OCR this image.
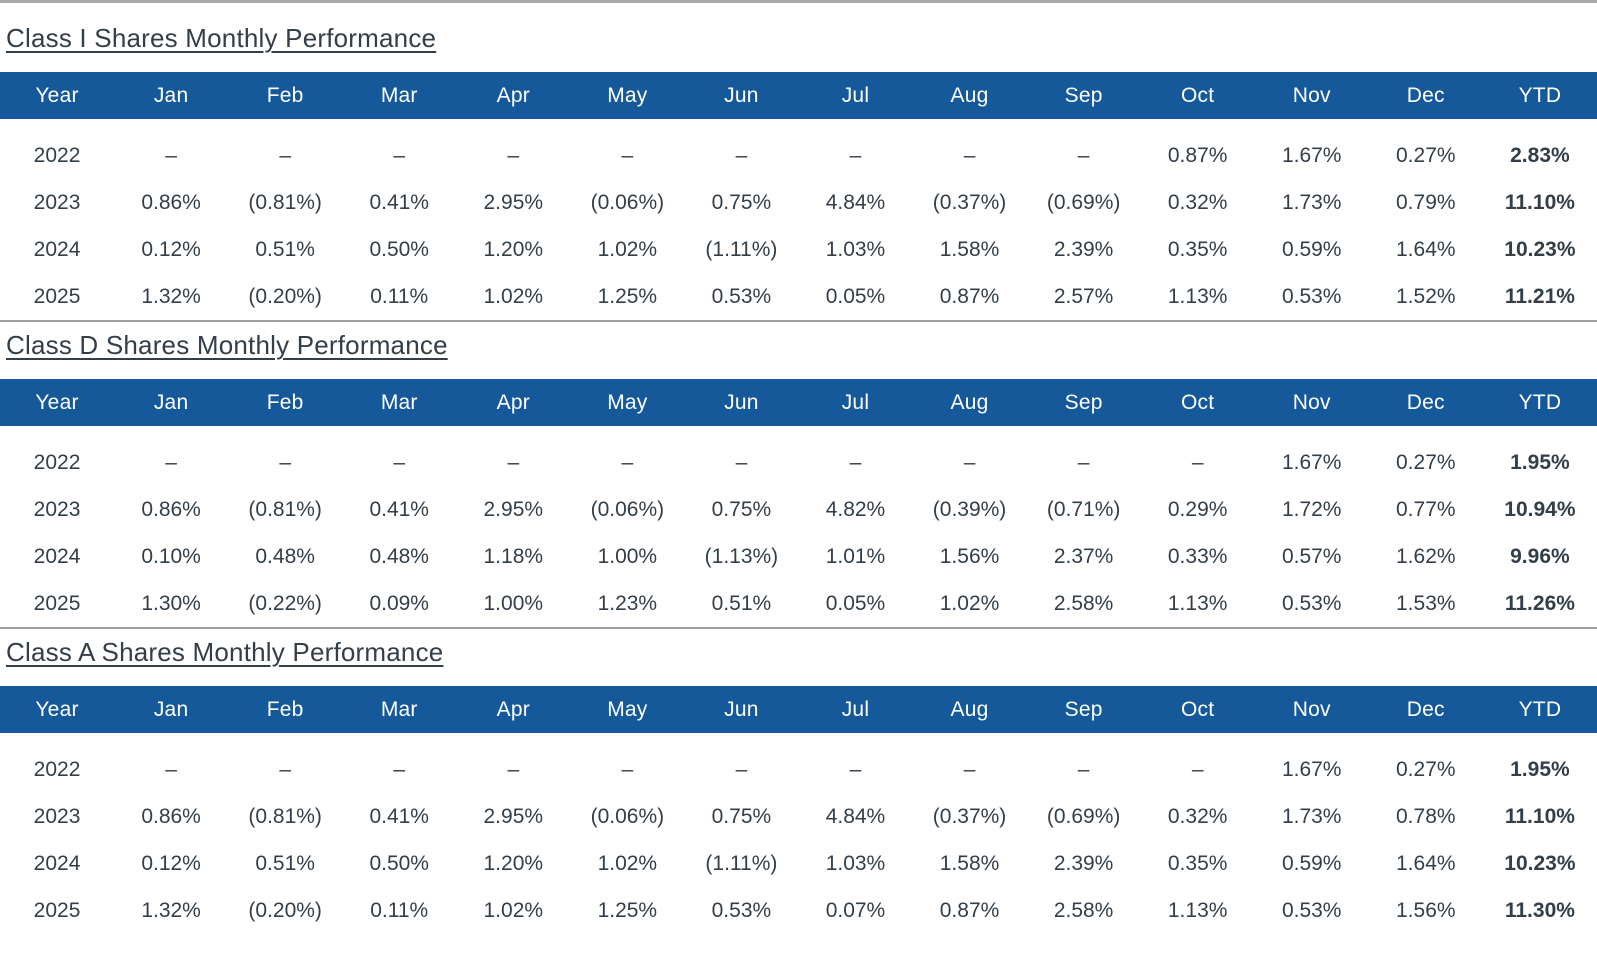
Class I Shares Monthly Performance
Year	Jan	Feb	Mar	Apr	May	Jun	Jul	Aug	Sep	Oct	Nov	Dec	YTD
2022	–	–	–	–	–	–	–	–	–	0.87%	1.67%	0.27%	2.83%
2023	0.86%	(0.81%)	0.41%	2.95%	(0.06%)	0.75%	4.84%	(0.37%)	(0.69%)	0.32%	1.73%	0.79%	11.10%
2024	0.12%	0.51%	0.50%	1.20%	1.02%	(1.11%)	1.03%	1.58%	2.39%	0.35%	0.59%	1.64%	10.23%
2025	1.32%	(0.20%)	0.11%	1.02%	1.25%	0.53%	0.05%	0.87%	2.57%	1.13%	0.53%	1.52%	11.21%
Class D Shares Monthly Performance
Year	Jan	Feb	Mar	Apr	May	Jun	Jul	Aug	Sep	Oct	Nov	Dec	YTD
2022	–	–	–	–	–	–	–	–	–	–	1.67%	0.27%	1.95%
2023	0.86%	(0.81%)	0.41%	2.95%	(0.06%)	0.75%	4.82%	(0.39%)	(0.71%)	0.29%	1.72%	0.77%	10.94%
2024	0.10%	0.48%	0.48%	1.18%	1.00%	(1.13%)	1.01%	1.56%	2.37%	0.33%	0.57%	1.62%	9.96%
2025	1.30%	(0.22%)	0.09%	1.00%	1.23%	0.51%	0.05%	1.02%	2.58%	1.13%	0.53%	1.53%	11.26%
Class A Shares Monthly Performance
Year	Jan	Feb	Mar	Apr	May	Jun	Jul	Aug	Sep	Oct	Nov	Dec	YTD
2022	–	–	–	–	–	–	–	–	–	–	1.67%	0.27%	1.95%
2023	0.86%	(0.81%)	0.41%	2.95%	(0.06%)	0.75%	4.84%	(0.37%)	(0.69%)	0.32%	1.73%	0.78%	11.10%
2024	0.12%	0.51%	0.50%	1.20%	1.02%	(1.11%)	1.03%	1.58%	2.39%	0.35%	0.59%	1.64%	10.23%
2025	1.32%	(0.20%)	0.11%	1.02%	1.25%	0.53%	0.07%	0.87%	2.58%	1.13%	0.53%	1.56%	11.30%
